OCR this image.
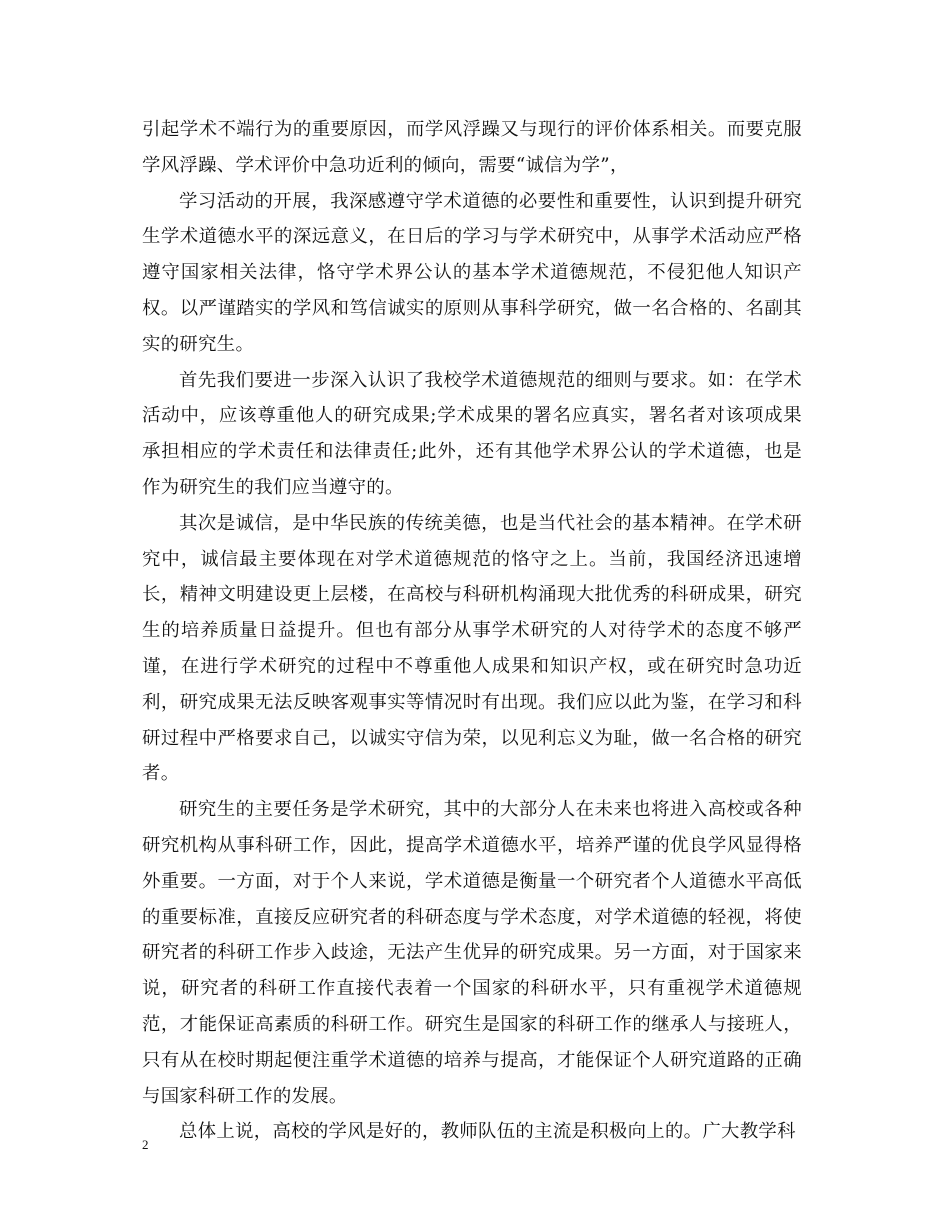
引起学术不端行为的重要原因，而学风浮躁又与现行的评价体系相关。而要克服学风浮躁、学术评价中急功近利的倾向，需要“诚信为学”，

学习活动的开展，我深感遵守学术道德的必要性和重要性，认识到提升研究生学术道德水平的深远意义，在日后的学习与学术研究中，从事学术活动应严格遵守国家相关法律，恪守学术界公认的基本学术道德规范，不侵犯他人知识产权。以严谨踏实的学风和笃信诚实的原则从事科学研究，做一名合格的、名副其实的研究生。

首先我们要进一步深入认识了我校学术道德规范的细则与要求。如：在学术活动中，应该尊重他人的研究成果;学术成果的署名应真实，署名者对该项成果承担相应的学术责任和法律责任;此外，还有其他学术界公认的学术道德，也是作为研究生的我们应当遵守的。

其次是诚信，是中华民族的传统美德，也是当代社会的基本精神。在学术研究中，诚信最主要体现在对学术道德规范的恪守之上。当前，我国经济迅速增长，精神文明建设更上层楼，在高校与科研机构涌现大批优秀的科研成果，研究生的培养质量日益提升。但也有部分从事学术研究的人对待学术的态度不够严谨，在进行学术研究的过程中不尊重他人成果和知识产权，或在研究时急功近利，研究成果无法反映客观事实等情况时有出现。我们应以此为鉴，在学习和科研过程中严格要求自己，以诚实守信为荣，以见利忘义为耻，做一名合格的研究者。

研究生的主要任务是学术研究，其中的大部分人在未来也将进入高校或各种研究机构从事科研工作，因此，提高学术道德水平，培养严谨的优良学风显得格外重要。一方面，对于个人来说，学术道德是衡量一个研究者个人道德水平高低的重要标准，直接反应研究者的科研态度与学术态度，对学术道德的轻视，将使研究者的科研工作步入歧途，无法产生优异的研究成果。另一方面，对于国家来说，研究者的科研工作直接代表着一个国家的科研水平，只有重视学术道德规范，才能保证高素质的科研工作。研究生是国家的科研工作的继承人与接班人，只有从在校时期起便注重学术道德的培养与提高，才能保证个人研究道路的正确与国家科研工作的发展。

总体上说，高校的学风是好的，教师队伍的主流是积极向上的。广大教学科

2
